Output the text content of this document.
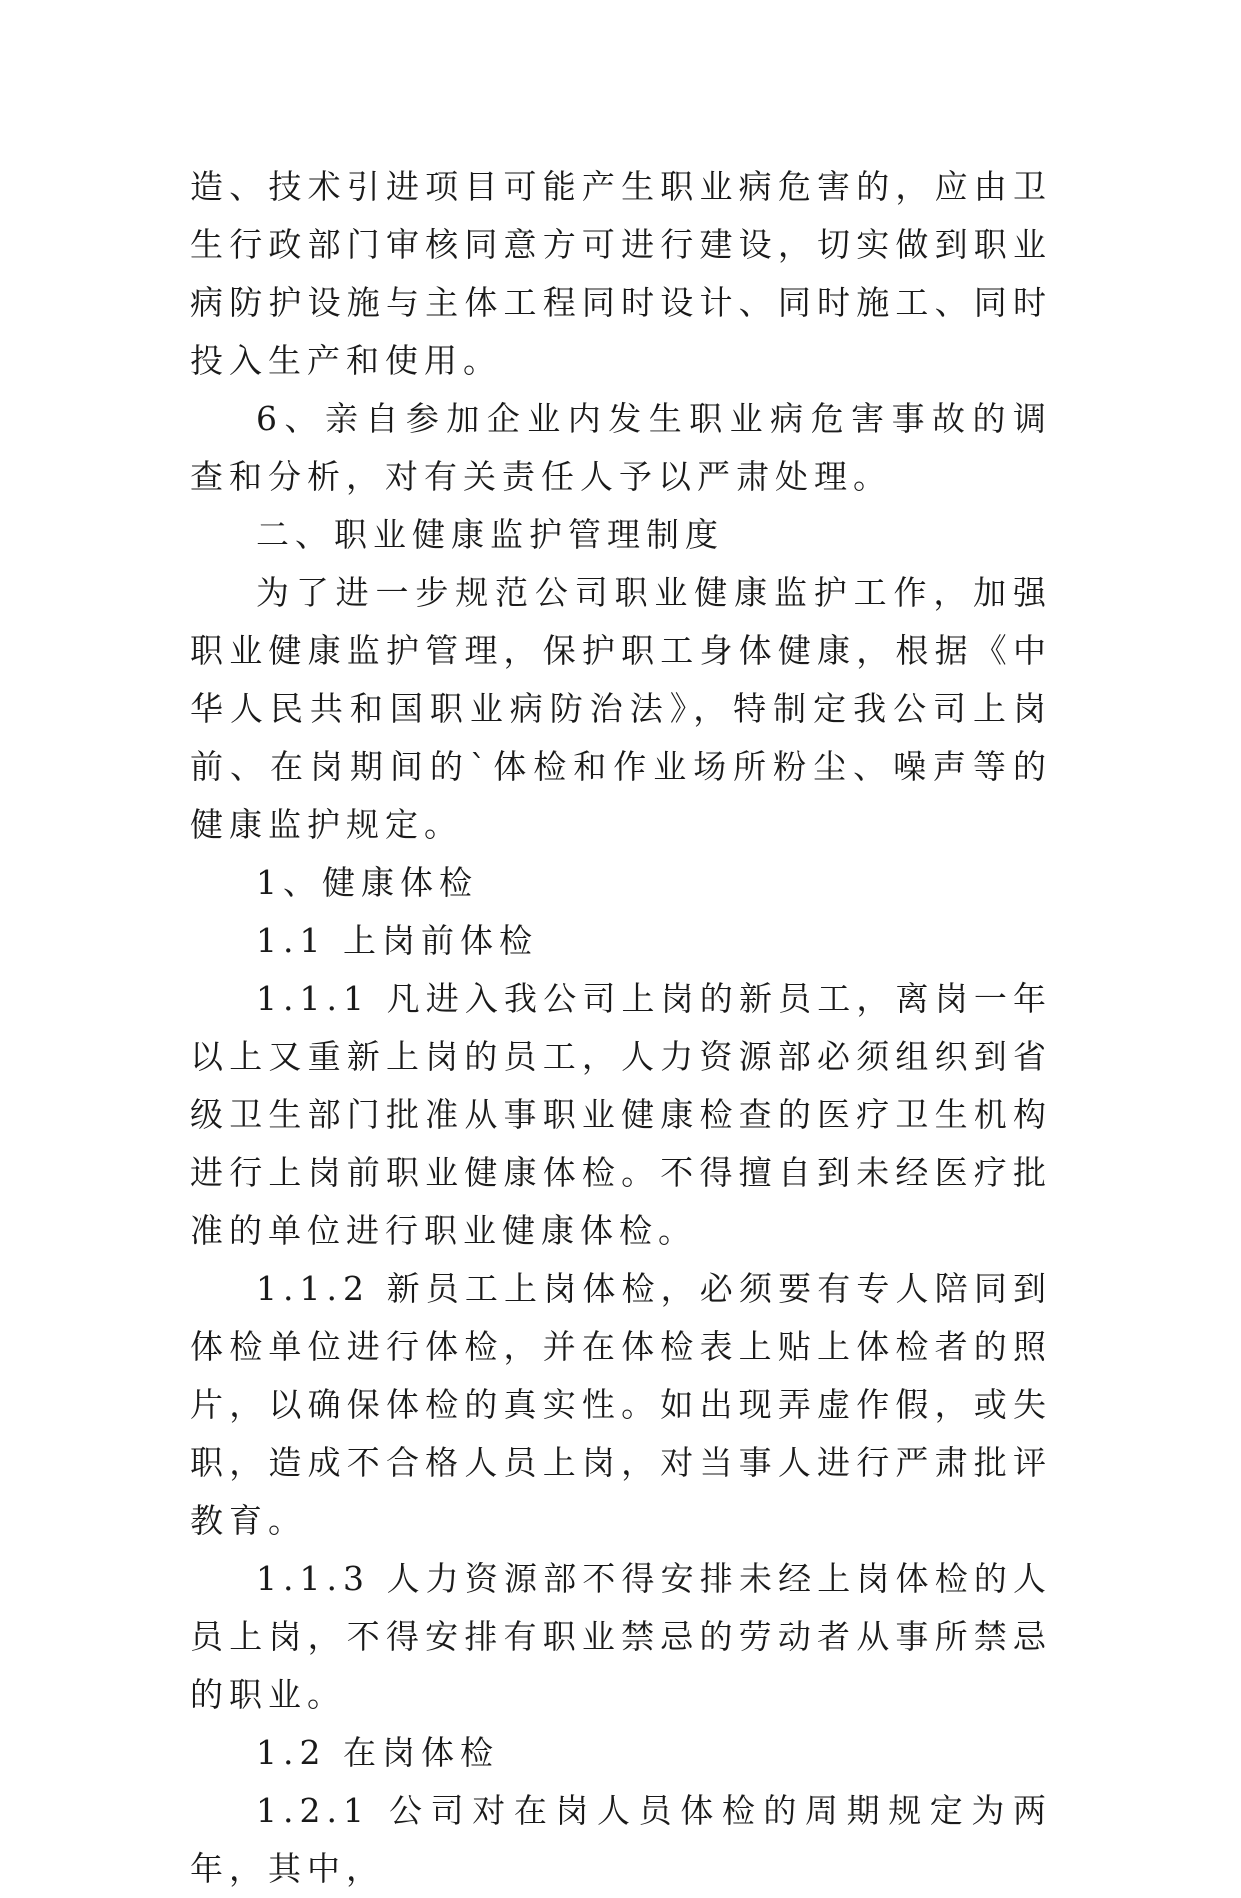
造、技术引进项目可能产生职业病危害的，应由卫生行政部门审核同意方可进行建设，切实做到职业病防护设施与主体工程同时设计、同时施工、同时投入生产和使用。

6、亲自参加企业内发生职业病危害事故的调查和分析，对有关责任人予以严肃处理。

二、职业健康监护管理制度

为了进一步规范公司职业健康监护工作，加强职业健康监护管理，保护职工身体健康，根据《中华人民共和国职业病防治法》，特制定我公司上岗前、在岗期间的`体检和作业场所粉尘、噪声等的健康监护规定。

1、健康体检

1.1 上岗前体检

1.1.1 凡进入我公司上岗的新员工，离岗一年以上又重新上岗的员工，人力资源部必须组织到省级卫生部门批准从事职业健康检查的医疗卫生机构进行上岗前职业健康体检。不得擅自到未经医疗批准的单位进行职业健康体检。

1.1.2 新员工上岗体检，必须要有专人陪同到体检单位进行体检，并在体检表上贴上体检者的照片，以确保体检的真实性。如出现弄虚作假，或失职，造成不合格人员上岗，对当事人进行严肃批评教育。

1.1.3 人力资源部不得安排未经上岗体检的人员上岗，不得安排有职业禁忌的劳动者从事所禁忌的职业。

1.2 在岗体检

1.2.1 公司对在岗人员体检的周期规定为两年，其中，
